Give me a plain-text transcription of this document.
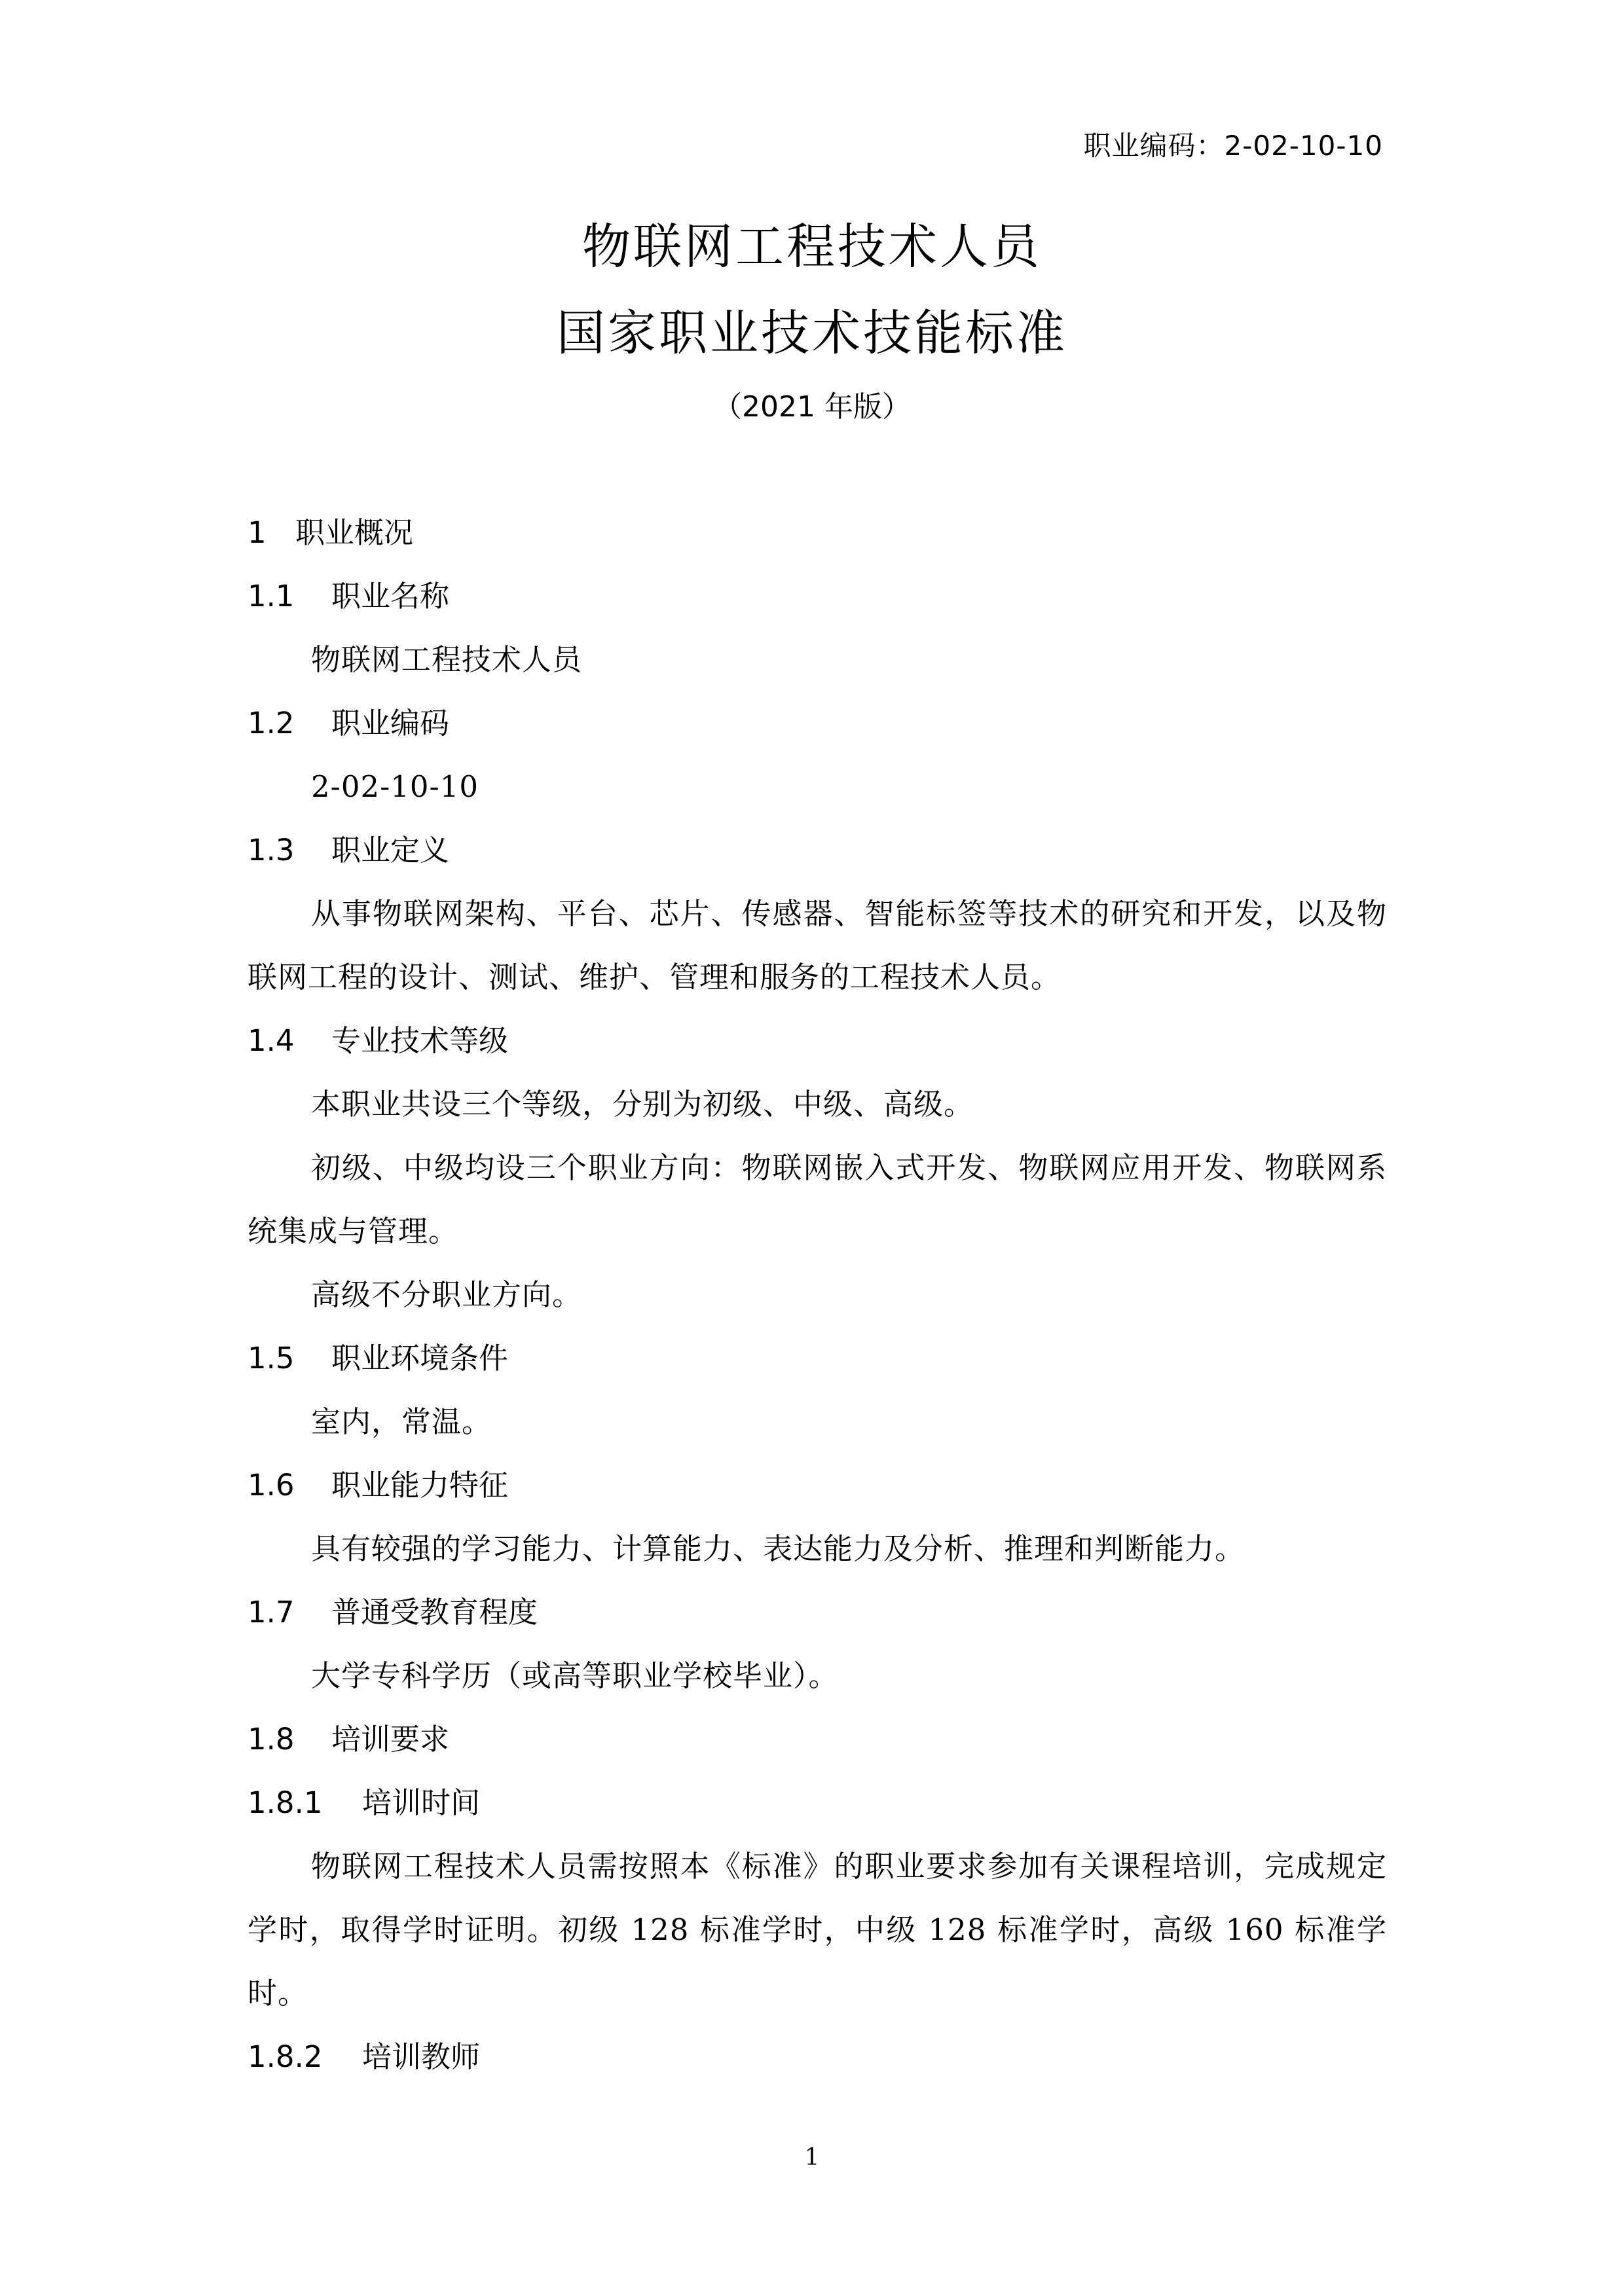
职业编码：2-02-10-10
物联网工程技术人员
国家职业技术技能标准
（2021 年版）
1 职业概况
1.1 职业名称
物联网工程技术人员
1.2 职业编码
2-02-10-10
1.3 职业定义
从事物联网架构、平台、芯片、传感器、智能标签等技术的研究和开发，以及物联网工程的设计、测试、维护、管理和服务的工程技术人员。
1.4 专业技术等级
本职业共设三个等级，分别为初级、中级、高级。
初级、中级均设三个职业方向：物联网嵌入式开发、物联网应用开发、物联网系统集成与管理。
高级不分职业方向。
1.5 职业环境条件
室内，常温。
1.6 职业能力特征
具有较强的学习能力、计算能力、表达能力及分析、推理和判断能力。
1.7 普通受教育程度
大学专科学历（或高等职业学校毕业）。
1.8 培训要求
1.8.1 培训时间
物联网工程技术人员需按照本《标准》的职业要求参加有关课程培训，完成规定学时，取得学时证明。初级 128 标准学时，中级 128 标准学时，高级 160 标准学时。
1.8.2 培训教师
1
